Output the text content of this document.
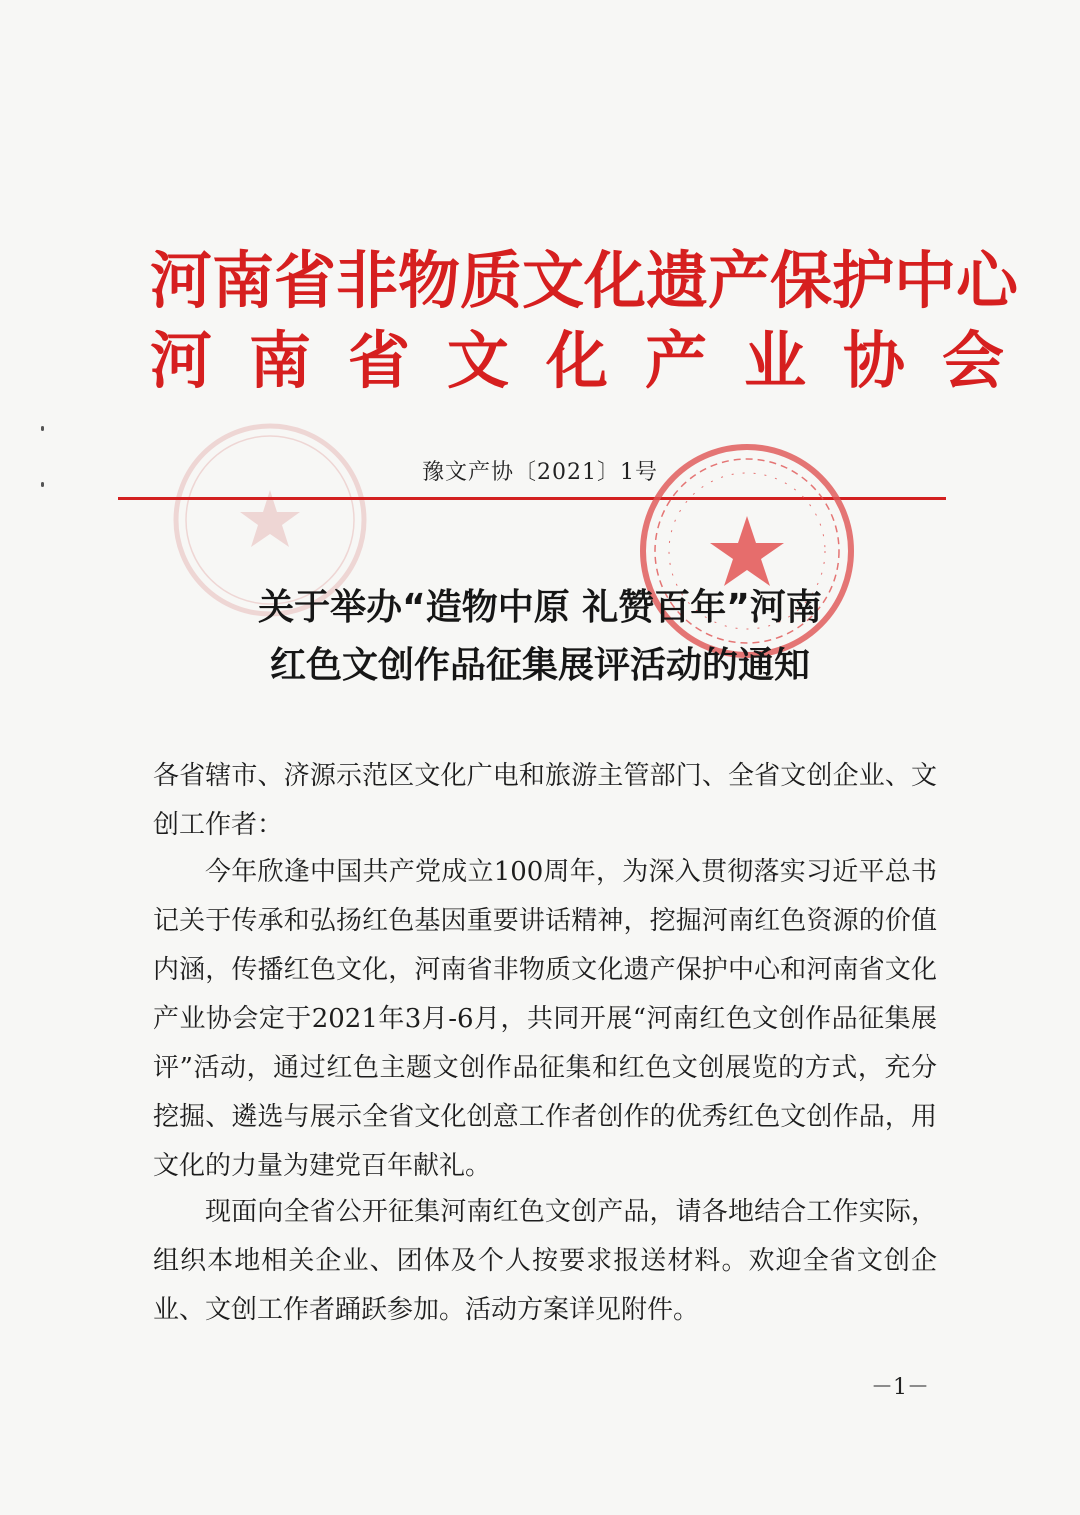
河南省非物质文化遗产保护中心
河南省文化产业协会
豫文产协〔2021〕1号
关于举办“造物中原 礼赞百年”河南
红色文创作品征集展评活动的通知
各省辖市、济源示范区文化广电和旅游主管部门、全省文创企业、文创工作者：
今年欣逢中国共产党成立100周年，为深入贯彻落实习近平总书记关于传承和弘扬红色基因重要讲话精神，挖掘河南红色资源的价值内涵，传播红色文化，河南省非物质文化遗产保护中心和河南省文化产业协会定于2021年3月-6月，共同开展“河南红色文创作品征集展评”活动，通过红色主题文创作品征集和红色文创展览的方式，充分挖掘、遴选与展示全省文化创意工作者创作的优秀红色文创作品，用文化的力量为建党百年献礼。
现面向全省公开征集河南红色文创产品，请各地结合工作实际，组织本地相关企业、团体及个人按要求报送材料。欢迎全省文创企业、文创工作者踊跃参加。活动方案详见附件。
－1－
